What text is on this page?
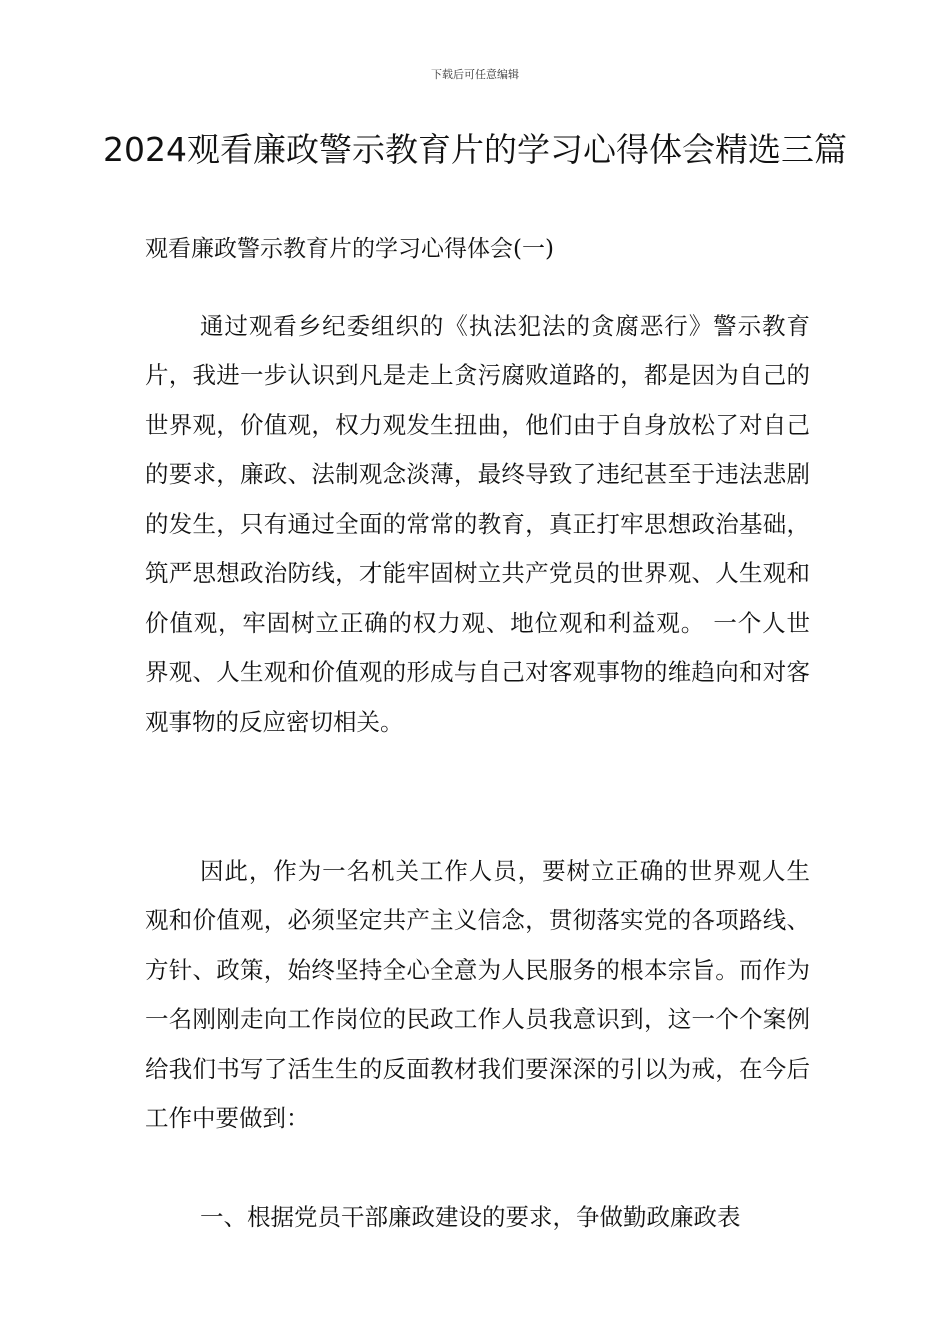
下载后可任意编辑
2024观看廉政警示教育片的学习心得体会精选三篇
观看廉政警示教育片的学习心得体会(一)

通过观看乡纪委组织的《执法犯法的贪腐恶行》警示教育片，我进一步认识到凡是走上贪污腐败道路的，都是因为自己的世界观，价值观，权力观发生扭曲，他们由于自身放松了对自己的要求，廉政、法制观念淡薄，最终导致了违纪甚至于违法悲剧的发生，只有通过全面的常常的教育，真正打牢思想政治基础，筑严思想政治防线，才能牢固树立共产党员的世界观、人生观和价值观，牢固树立正确的权力观、地位观和利益观。 一个人世界观、人生观和价值观的形成与自己对客观事物的维趋向和对客观事物的反应密切相关。

因此，作为一名机关工作人员，要树立正确的世界观人生观和价值观，必须坚定共产主义信念，贯彻落实党的各项路线、方针、政策，始终坚持全心全意为人民服务的根本宗旨。而作为一名刚刚走向工作岗位的民政工作人员我意识到，这一个个案例给我们书写了活生生的反面教材我们要深深的引以为戒，在今后工作中要做到：

一、根据党员干部廉政建设的要求，争做勤政廉政表
